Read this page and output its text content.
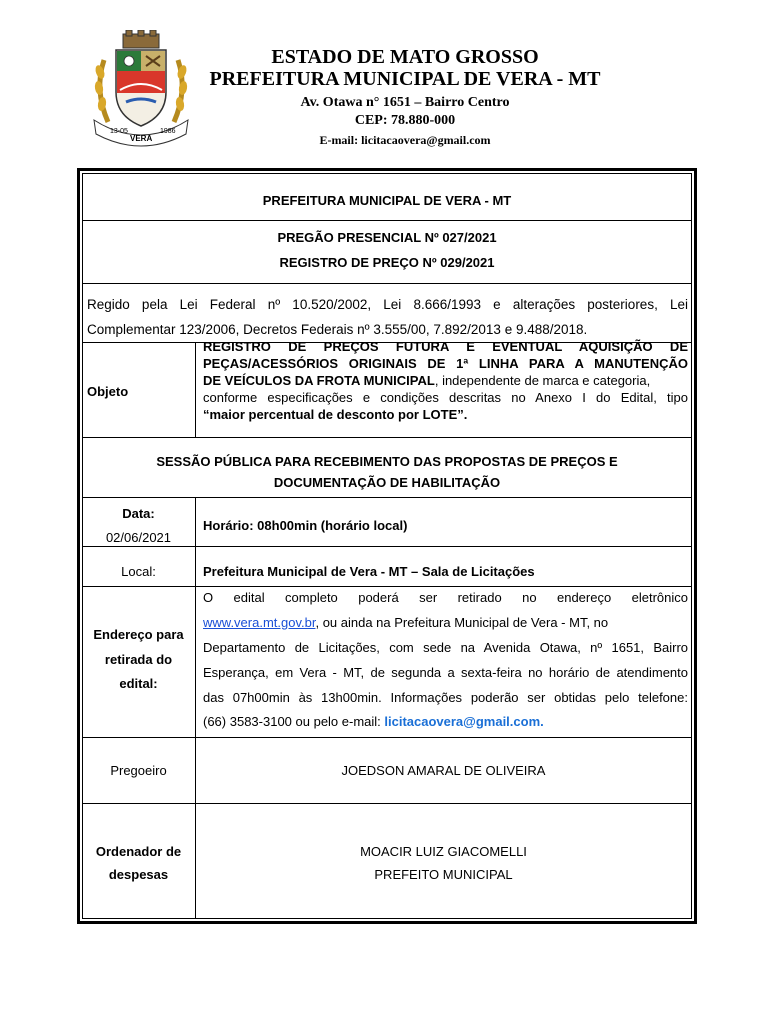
13-05
VERA
1986
ESTADO DE MATO GROSSO
PREFEITURA MUNICIPAL DE VERA - MT
Av. Otawa n° 1651 – Bairro Centro
CEP: 78.880-000
E-mail: licitacaovera@gmail.com
PREFEITURA MUNICIPAL DE VERA - MT
PREGÃO PRESENCIAL Nº 027/2021
REGISTRO DE PREÇO Nº 029/2021
Regido pela Lei Federal nº 10.520/2002, Lei 8.666/1993 e alterações posteriores, Lei
Complementar 123/2006, Decretos Federais nº 3.555/00, 7.892/2013 e 9.488/2018.
Objeto
REGISTRO DE PREÇOS FUTURA E EVENTUAL AQUISIÇÃO DE
PEÇAS/ACESSÓRIOS ORIGINAIS DE 1ª LINHA PARA A MANUTENÇÃO
DE VEÍCULOS DA FROTA MUNICIPAL, independente de marca e categoria,
conforme especificações e condições descritas no Anexo I do Edital, tipo
“maior percentual de desconto por LOTE”.
SESSÃO PÚBLICA PARA RECEBIMENTO DAS PROPOSTAS DE PREÇOS E
DOCUMENTAÇÃO DE HABILITAÇÃO
Data:
02/06/2021
Horário: 08h00min (horário local)
Local:	Prefeitura Municipal de Vera - MT – Sala de Licitações
Endereço para
retirada do
edital:
O edital completo poderá ser retirado no endereço eletrônico
www.vera.mt.gov.br, ou ainda na Prefeitura Municipal de Vera - MT, no
Departamento de Licitações, com sede na Avenida Otawa, nº 1651, Bairro
Esperança, em Vera - MT, de segunda a sexta-feira no horário de atendimento
das 07h00min às 13h00min. Informações poderão ser obtidas pelo telefone:
(66) 3583-3100 ou pelo e-mail: licitacaovera@gmail.com.
Pregoeiro	JOEDSON AMARAL DE OLIVEIRA
Ordenador de
despesas
MOACIR LUIZ GIACOMELLI
PREFEITO MUNICIPAL
